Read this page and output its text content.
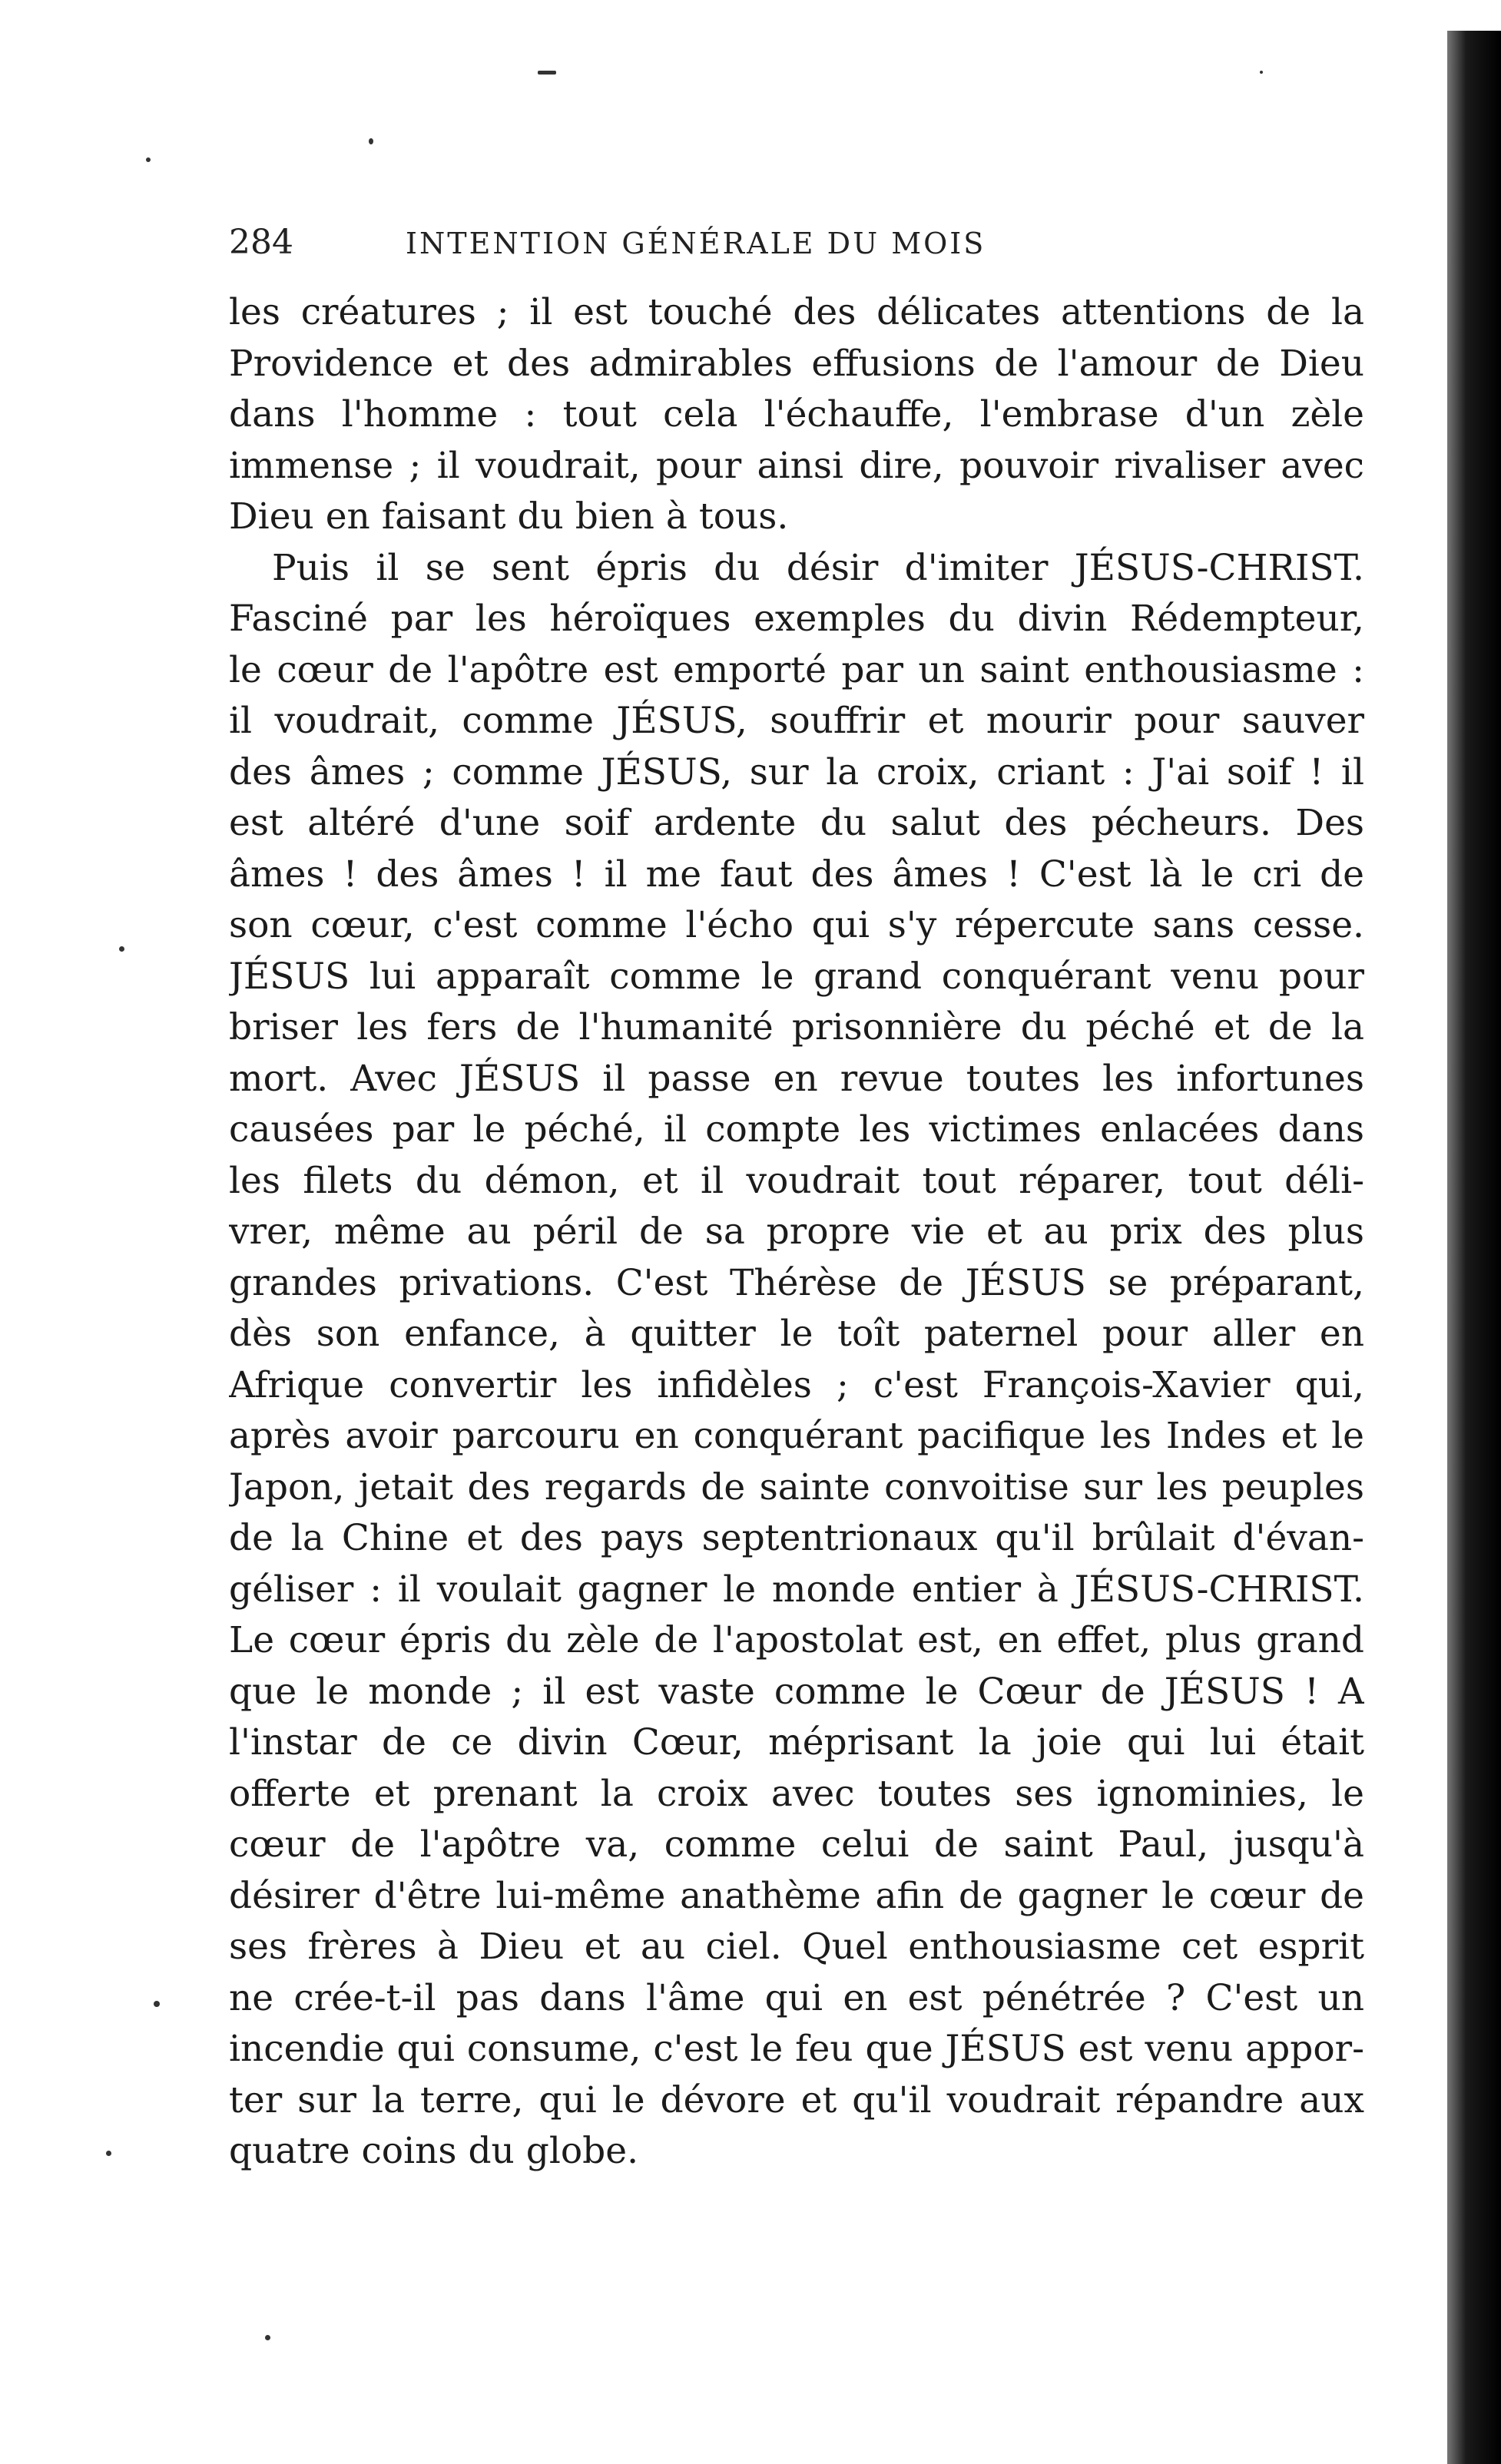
284	INTENTION GÉNÉRALE DU MOIS
les créatures ; il est touché des délicates attentions de la
Providence et des admirables effusions de l'amour de Dieu
dans l'homme : tout cela l'échauffe, l'embrase d'un zèle
immense ; il voudrait, pour ainsi dire, pouvoir rivaliser avec
Dieu en faisant du bien à tous.
Puis il se sent épris du désir d'imiter JÉSUS-CHRIST.
Fasciné par les héroïques exemples du divin Rédempteur,
le cœur de l'apôtre est emporté par un saint enthousiasme :
il voudrait, comme JÉSUS, souffrir et mourir pour sauver
des âmes ; comme JÉSUS, sur la croix, criant : J'ai soif ! il
est altéré d'une soif ardente du salut des pécheurs. Des
âmes ! des âmes ! il me faut des âmes ! C'est là le cri de
son cœur, c'est comme l'écho qui s'y répercute sans cesse.
JÉSUS lui apparaît comme le grand conquérant venu pour
briser les fers de l'humanité prisonnière du péché et de la
mort. Avec JÉSUS il passe en revue toutes les infortunes
causées par le péché, il compte les victimes enlacées dans
les filets du démon, et il voudrait tout réparer, tout déli-
vrer, même au péril de sa propre vie et au prix des plus
grandes privations. C'est Thérèse de JÉSUS se préparant,
dès son enfance, à quitter le toît paternel pour aller en
Afrique convertir les infidèles ; c'est François-Xavier qui,
après avoir parcouru en conquérant pacifique les Indes et le
Japon, jetait des regards de sainte convoitise sur les peuples
de la Chine et des pays septentrionaux qu'il brûlait d'évan-
géliser : il voulait gagner le monde entier à JÉSUS-CHRIST.
Le cœur épris du zèle de l'apostolat est, en effet, plus grand
que le monde ; il est vaste comme le Cœur de JÉSUS ! A
l'instar de ce divin Cœur, méprisant la joie qui lui était
offerte et prenant la croix avec toutes ses ignominies, le
cœur de l'apôtre va, comme celui de saint Paul, jusqu'à
désirer d'être lui-même anathème afin de gagner le cœur de
ses frères à Dieu et au ciel. Quel enthousiasme cet esprit
ne crée-t-il pas dans l'âme qui en est pénétrée ? C'est un
incendie qui consume, c'est le feu que JÉSUS est venu appor-
ter sur la terre, qui le dévore et qu'il voudrait répandre aux
quatre coins du globe.
